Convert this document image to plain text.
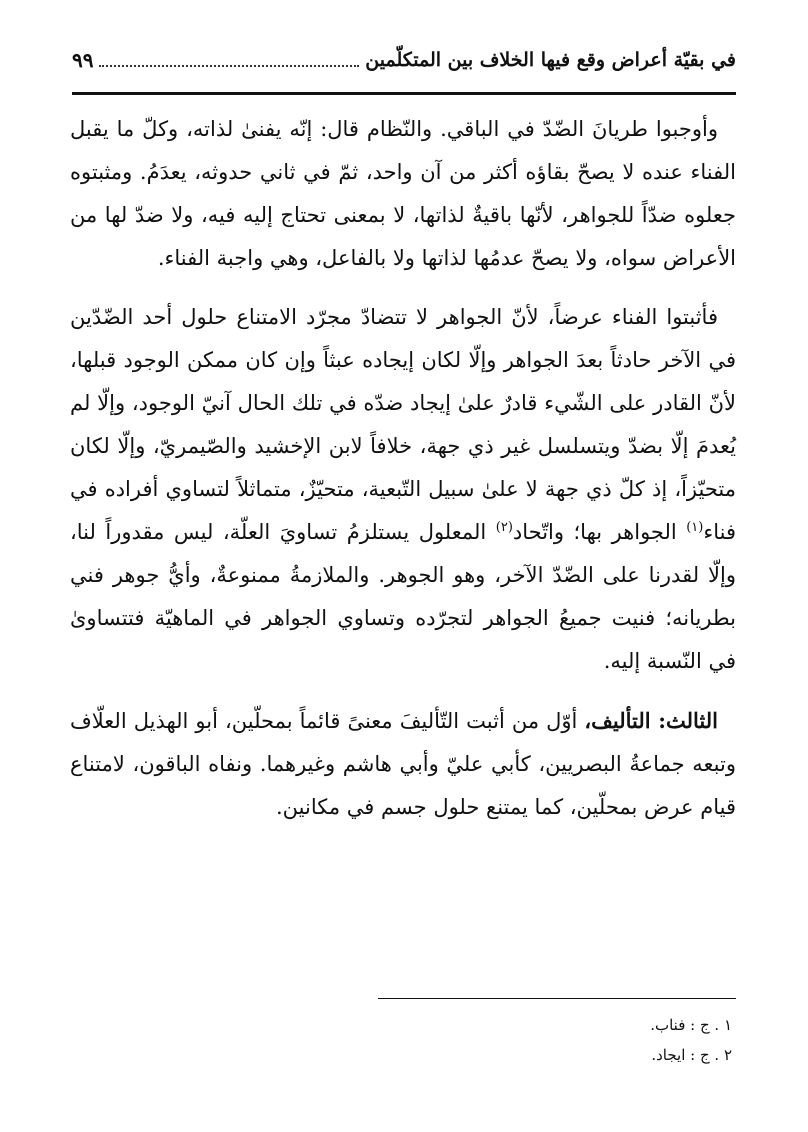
في بقيّة أعراض وقع فيها الخلاف بين المتكلّمين
٩٩

وأوجبوا طريانَ الضّدّ في الباقي. والنّظام قال: إنّه يفنىٰ لذاته، وكلّ ما يقبل الفناء عنده لا يصحّ بقاؤه أكثر من آن واحد، ثمّ في ثاني حدوثه، يعدَمُ. ومثبتوه جعلوه ضدّاً للجواهر، لأنّها باقيةٌ لذاتها، لا بمعنى تحتاج إليه فيه، ولا ضدّ لها من الأعراض سواه، ولا يصحّ عدمُها لذاتها ولا بالفاعل، وهي واجبة الفناء.

فأثبتوا الفناء عرضاً، لأنّ الجواهر لا تتضادّ مجرّد الامتناع حلول أحد الضّدّين في الآخر حادثاً بعدَ الجواهر وإلّا لكان إيجاده عبثاً وإن كان ممكن الوجود قبلها، لأنّ القادر على الشّيء قادرٌ علىٰ إيجاد ضدّه في تلك الحال آنيّ الوجود، وإلّا لم يُعدمَ إلّا بضدّ ويتسلسل غير ذي جهة، خلافاً لابن الإخشيد والصّيمريّ، وإلّا لكان متحيّزاً، إذ كلّ ذي جهة لا علىٰ سبيل التّبعية، متحيّزٌ، متماثلاً لتساوي أفراده في فناء$^{(١)}$ الجواهر بها؛ واتّحاد$^{(٢)}$ المعلول يستلزمُ تساويَ العلّة، ليس مقدوراً لنا، وإلّا لقدرنا على الضّدّ الآخر، وهو الجوهر. والملازمةُ ممنوعةٌ، وأيُّ جوهر فني بطريانه؛ فنيت جميعُ الجواهر لتجرّده وتساوي الجواهر في الماهيّة فتتساوىٰ في النّسبة إليه.

الثالث: التأليف، أوّل من أثبت التّأليفَ معنىً قائماً بمحلّين، أبو الهذيل العلّاف وتبعه جماعةُ البصريين، كأبي عليّ وأبي هاشم وغيرهما. ونفاه الباقون، لامتناع قيام عرض بمحلّين، كما يمتنع حلول جسم في مكانين.

١ . ج : فناب.
٢ . ج : ايجاد.
